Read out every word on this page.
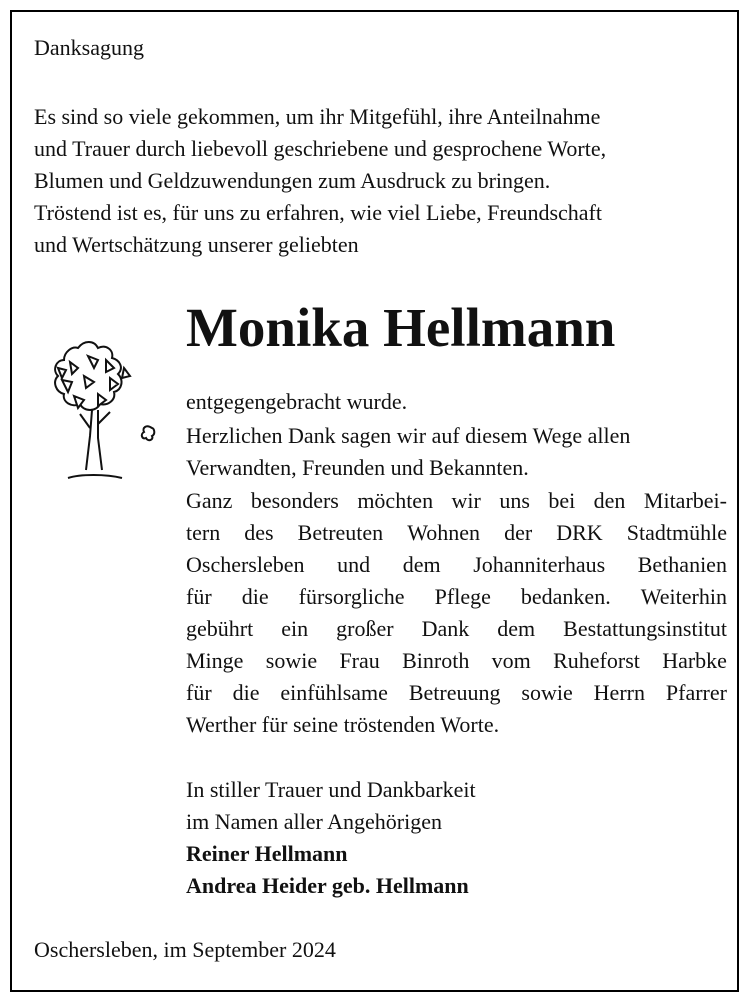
Danksagung
Es sind so viele gekommen, um ihr Mitgefühl, ihre Anteilnahme
und Trauer durch liebevoll geschriebene und gesprochene Worte,
Blumen und Geldzuwendungen zum Ausdruck zu bringen.
Tröstend ist es, für uns zu erfahren, wie viel Liebe, Freundschaft
und Wertschätzung unserer geliebten
Monika Hellmann
entgegengebracht wurde.
Herzlichen Dank sagen wir auf diesem Wege allen
Verwandten, Freunden und Bekannten.
Ganz besonders möchten wir uns bei den Mitarbei-
tern des Betreuten Wohnen der DRK Stadtmühle
Oschersleben und dem Johanniterhaus Bethanien
für die fürsorgliche Pflege bedanken. Weiterhin
gebührt ein großer Dank dem Bestattungsinstitut
Minge sowie Frau Binroth vom Ruheforst Harbke
für die einfühlsame Betreuung sowie Herrn Pfarrer
Werther für seine tröstenden Worte.
In stiller Trauer und Dankbarkeit
im Namen aller Angehörigen
Reiner Hellmann
Andrea Heider geb. Hellmann
Oschersleben, im September 2024
